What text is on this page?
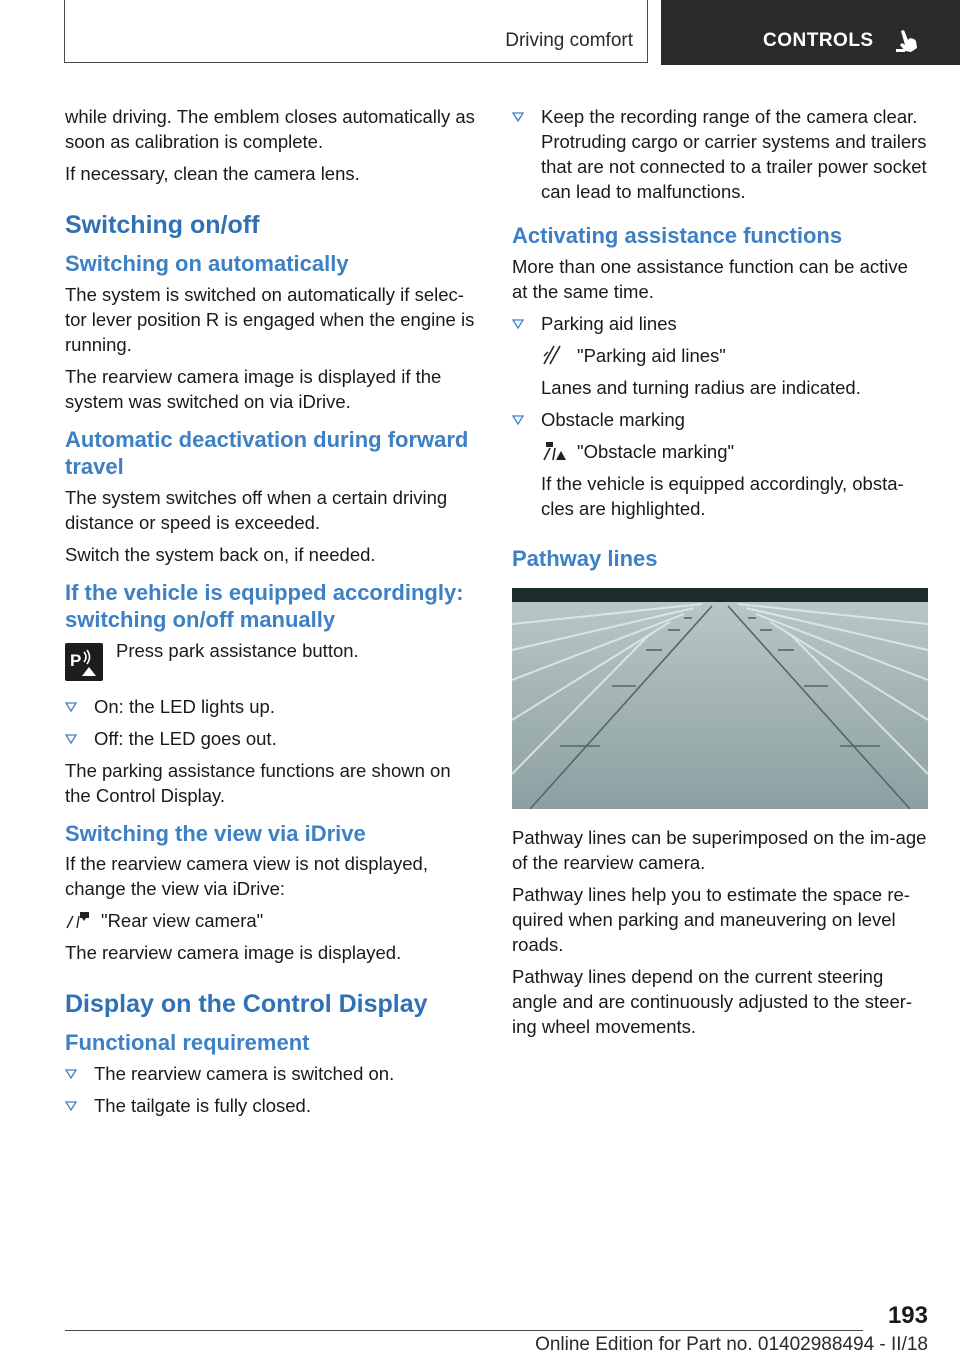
Driving comfort	CONTROLS

while driving. The emblem closes automatically as soon as calibration is complete.

If necessary, clean the camera lens.

Switching on/off
Switching on automatically

The system is switched on automatically if selec‐tor lever position R is engaged when the engine is running.

The rearview camera image is displayed if the system was switched on via iDrive.

Automatic deactivation during forward travel

The system switches off when a certain driving distance or speed is exceeded.

Switch the system back on, if needed.

If the vehicle is equipped accordingly: switching on/off manually
P Press park assistance button.
On: the LED lights up.
Off: the LED goes out.

The parking assistance functions are shown on the Control Display.

Switching the view via iDrive

If the rearview camera view is not displayed, change the view via iDrive:

"Rear view camera"

The rearview camera image is displayed.

Display on the Control Display
Functional requirement
The rearview camera is switched on.
The tailgate is fully closed.
Keep the recording range of the camera clear. Protruding cargo or carrier systems and trailers that are not connected to a trailer power socket can lead to malfunctions.
Activating assistance functions

More than one assistance function can be active at the same time.

Parking aid lines
"Parking aid lines"

Lanes and turning radius are indicated.

Obstacle marking
"Obstacle marking"

If the vehicle is equipped accordingly, obsta‐cles are highlighted.

Pathway lines

Pathway lines can be superimposed on the im‐age of the rearview camera.

Pathway lines help you to estimate the space re‐quired when parking and maneuvering on level roads.

Pathway lines depend on the current steering angle and are continuously adjusted to the steer‐ing wheel movements.

193
Online Edition for Part no. 01402988494 - II/18
